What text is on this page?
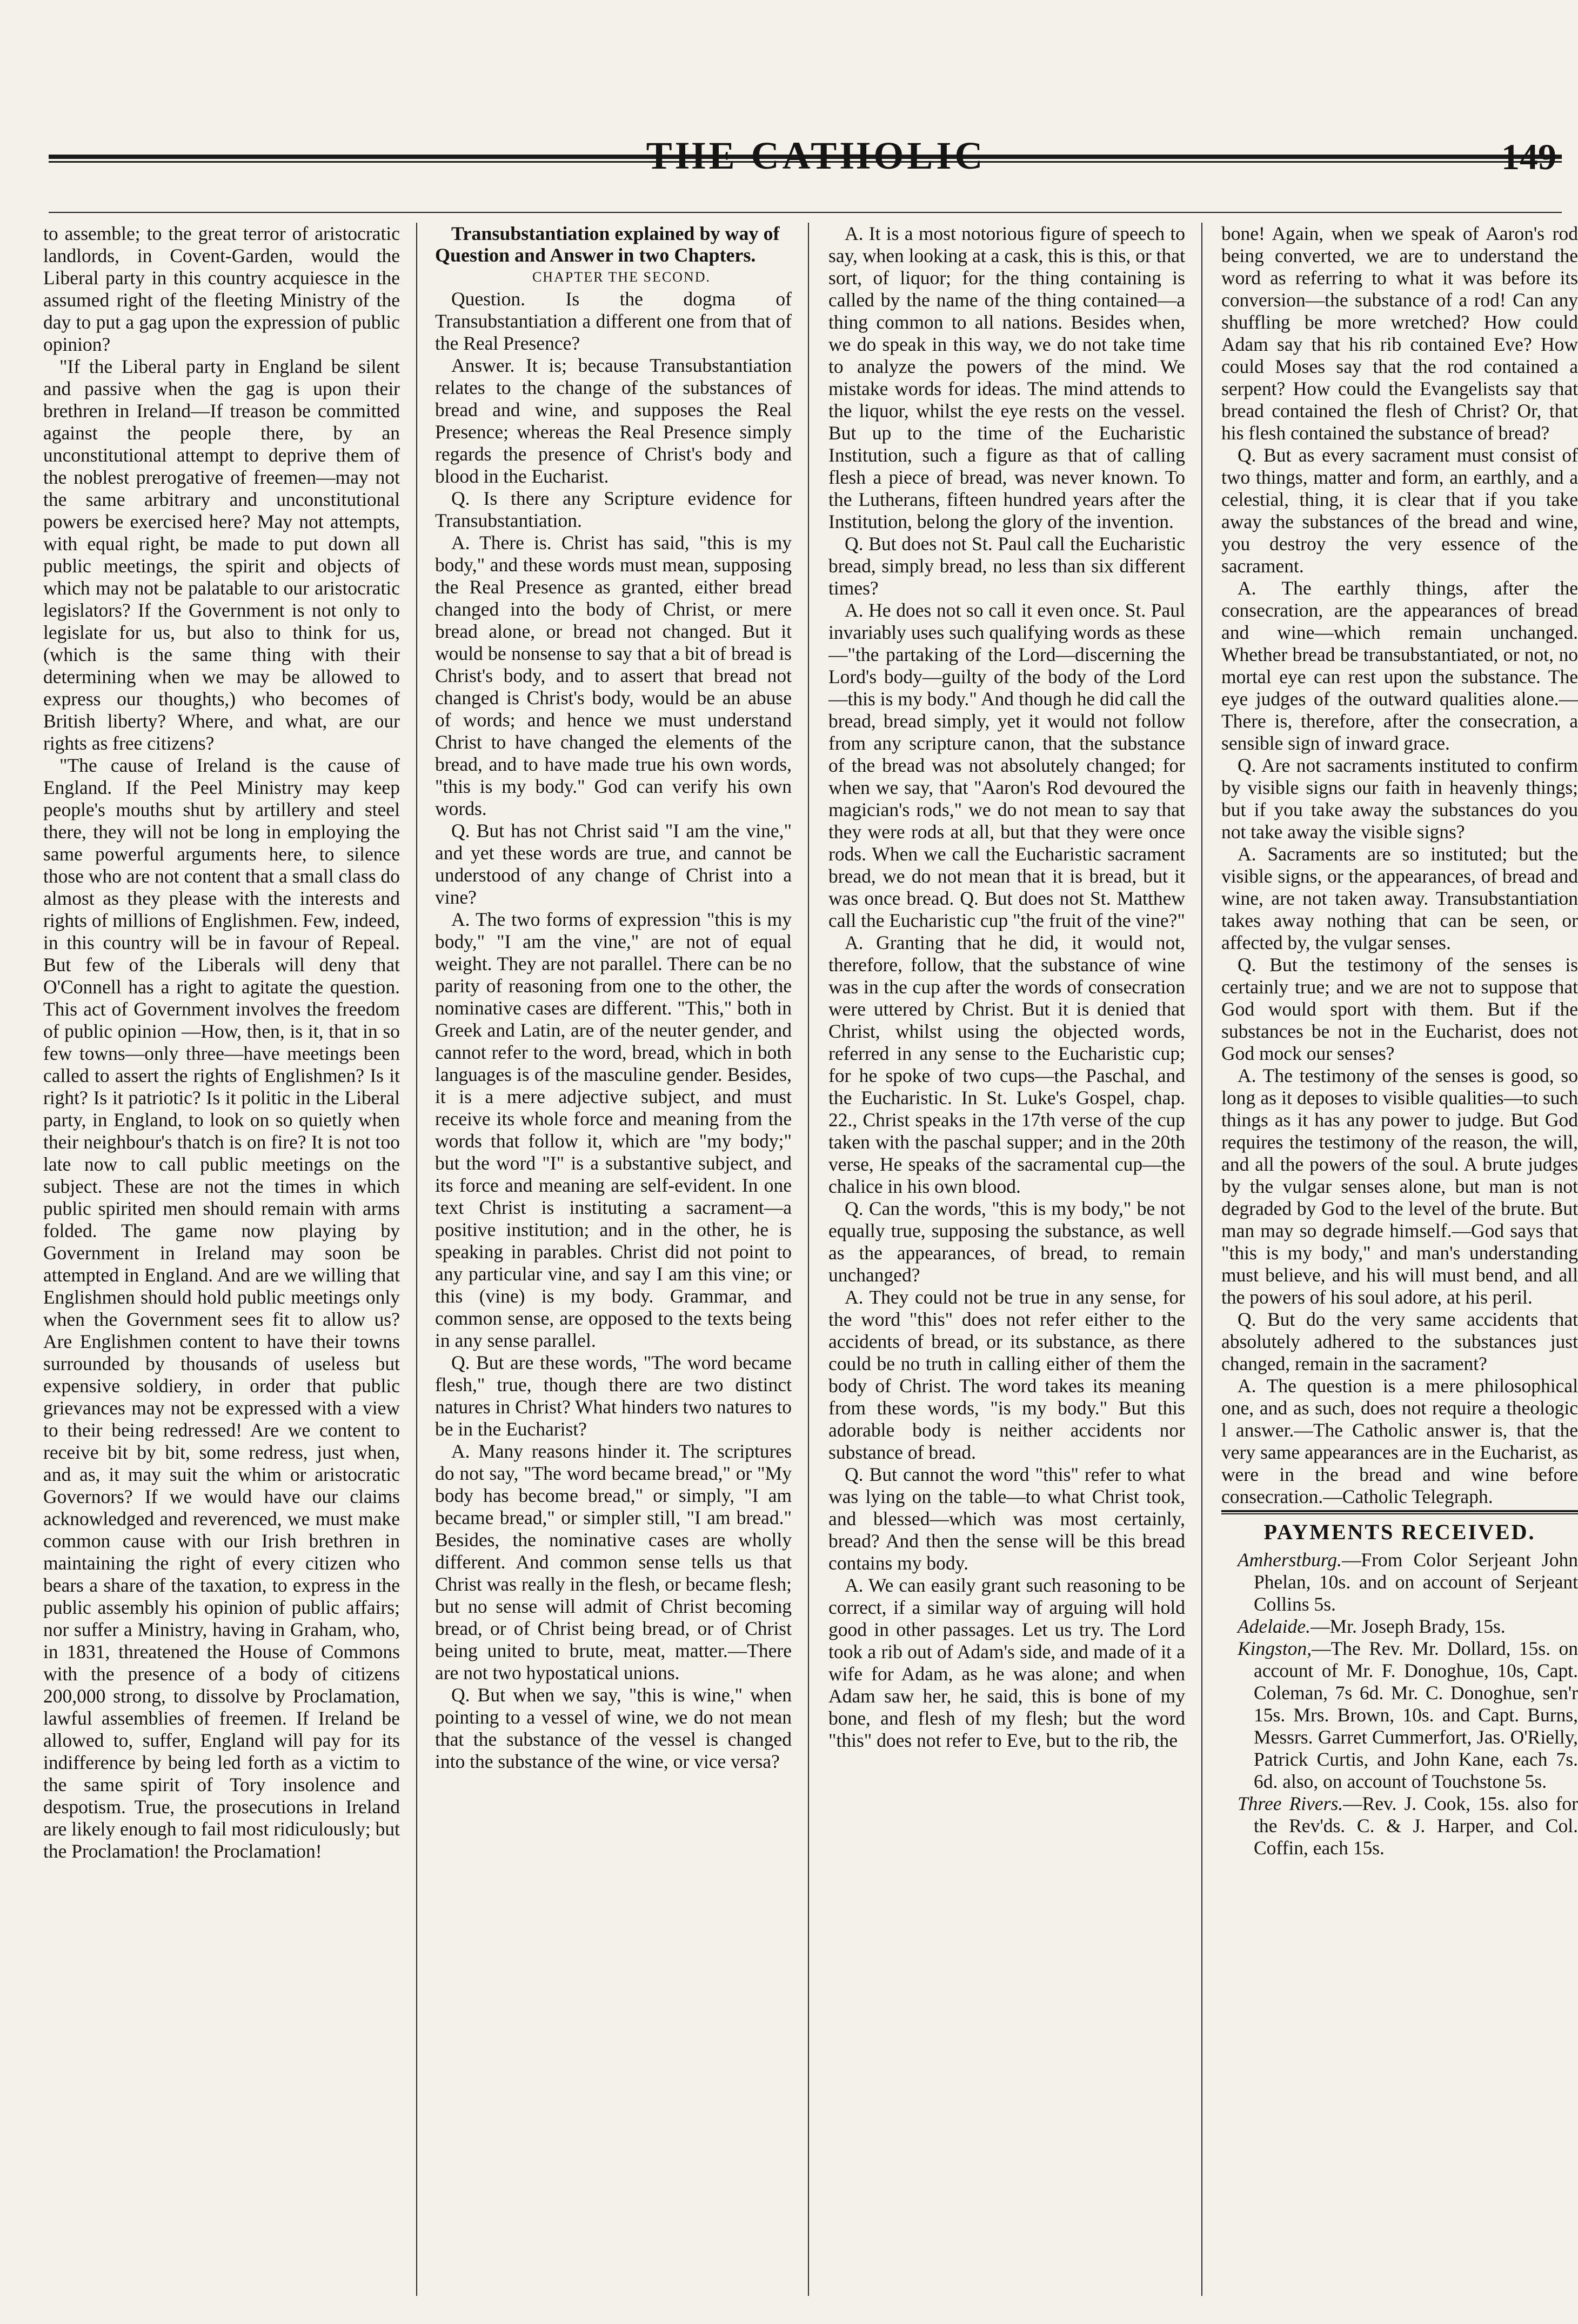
THE CATHOLIC	149

to assemble; to the great terror of aristocratic landlords, in Covent-Garden, would the Liberal party in this country acquiesce in the assumed right of the fleeting Ministry of the day to put a gag upon the expression of public opinion?

"If the Liberal party in England be silent and passive when the gag is upon their brethren in Ireland—If treason be committed against the people there, by an unconstitutional attempt to deprive them of the noblest prerogative of freemen—may not the same arbitrary and unconstitutional powers be exercised here? May not attempts, with equal right, be made to put down all public meetings, the spirit and objects of which may not be palatable to our aristocratic legislators? If the Government is not only to legislate for us, but also to think for us, (which is the same thing with their determining when we may be allowed to express our thoughts,) who becomes of British liberty? Where, and what, are our rights as free citizens?

"The cause of Ireland is the cause of England. If the Peel Ministry may keep people's mouths shut by artillery and steel there, they will not be long in employing the same powerful arguments here, to silence those who are not content that a small class do almost as they please with the interests and rights of millions of Englishmen. Few, indeed, in this country will be in favour of Repeal. But few of the Liberals will deny that O'Connell has a right to agitate the question. This act of Government involves the freedom of public opinion —How, then, is it, that in so few towns—only three—have meetings been called to assert the rights of Englishmen? Is it right? Is it patriotic? Is it politic in the Liberal party, in England, to look on so quietly when their neighbour's thatch is on fire? It is not too late now to call public meetings on the subject. These are not the times in which public spirited men should remain with arms folded. The game now playing by Government in Ireland may soon be attempted in England. And are we willing that Englishmen should hold public meetings only when the Government sees fit to allow us? Are Englishmen content to have their towns surrounded by thousands of useless but expensive soldiery, in order that public grievances may not be expressed with a view to their being redressed! Are we content to receive bit by bit, some redress, just when, and as, it may suit the whim or aristocratic Governors? If we would have our claims acknowledged and reverenced, we must make common cause with our Irish brethren in maintaining the right of every citizen who bears a share of the taxation, to express in the public assembly his opinion of public affairs; nor suffer a Ministry, having in Graham, who, in 1831, threatened the House of Commons with the presence of a body of citizens 200,000 strong, to dissolve by Proclamation, lawful assemblies of freemen. If Ireland be allowed to, suffer, England will pay for its indifference by being led forth as a victim to the same spirit of Tory insolence and despotism. True, the prosecutions in Ireland are likely enough to fail most ridiculously; but the Proclamation! the Proclamation!

Transubstantiation explained by way of Question and Answer in two Chapters.

CHAPTER THE SECOND.

Question. Is the dogma of Transubstantiation a different one from that of the Real Presence?

Answer. It is; because Transubstantiation relates to the change of the substances of bread and wine, and supposes the Real Presence; whereas the Real Presence simply regards the presence of Christ's body and blood in the Eucharist.

Q. Is there any Scripture evidence for Transubstantiation.

A. There is. Christ has said, "this is my body," and these words must mean, supposing the Real Presence as granted, either bread changed into the body of Christ, or mere bread alone, or bread not changed. But it would be nonsense to say that a bit of bread is Christ's body, and to assert that bread not changed is Christ's body, would be an abuse of words; and hence we must understand Christ to have changed the elements of the bread, and to have made true his own words, "this is my body." God can verify his own words.

Q. But has not Christ said "I am the vine," and yet these words are true, and cannot be understood of any change of Christ into a vine?

A. The two forms of expression "this is my body," "I am the vine," are not of equal weight. They are not parallel. There can be no parity of reasoning from one to the other, the nominative cases are different. "This," both in Greek and Latin, are of the neuter gender, and cannot refer to the word, bread, which in both languages is of the masculine gender. Besides, it is a mere adjective subject, and must receive its whole force and meaning from the words that follow it, which are "my body;" but the word "I" is a substantive subject, and its force and meaning are self-evident. In one text Christ is instituting a sacrament—a positive institution; and in the other, he is speaking in parables. Christ did not point to any particular vine, and say I am this vine; or this (vine) is my body. Grammar, and common sense, are opposed to the texts being in any sense parallel.

Q. But are these words, "The word became flesh," true, though there are two distinct natures in Christ? What hinders two natures to be in the Eucharist?

A. Many reasons hinder it. The scriptures do not say, "The word became bread," or "My body has become bread," or simply, "I am became bread," or simpler still, "I am bread." Besides, the nominative cases are wholly different. And common sense tells us that Christ was really in the flesh, or became flesh; but no sense will admit of Christ becoming bread, or of Christ being bread, or of Christ being united to brute, meat, matter.—There are not two hypostatical unions.

Q. But when we say, "this is wine," when pointing to a vessel of wine, we do not mean that the substance of the vessel is changed into the substance of the wine, or vice versa?

A. It is a most notorious figure of speech to say, when looking at a cask, this is this, or that sort, of liquor; for the thing containing is called by the name of the thing contained—a thing common to all nations. Besides when, we do speak in this way, we do not take time to analyze the powers of the mind. We mistake words for ideas. The mind attends to the liquor, whilst the eye rests on the vessel. But up to the time of the Eucharistic Institution, such a figure as that of calling flesh a piece of bread, was never known. To the Lutherans, fifteen hundred years after the Institution, belong the glory of the invention.

Q. But does not St. Paul call the Eucharistic bread, simply bread, no less than six different times?

A. He does not so call it even once. St. Paul invariably uses such qualifying words as these—"the partaking of the Lord—discerning the Lord's body—guilty of the body of the Lord—this is my body." And though he did call the bread, bread simply, yet it would not follow from any scripture canon, that the substance of the bread was not absolutely changed; for when we say, that "Aaron's Rod devoured the magician's rods," we do not mean to say that they were rods at all, but that they were once rods. When we call the Eucharistic sacrament bread, we do not mean that it is bread, but it was once bread. Q. But does not St. Matthew call the Eucharistic cup "the fruit of the vine?"

A. Granting that he did, it would not, therefore, follow, that the substance of wine was in the cup after the words of consecration were uttered by Christ. But it is denied that Christ, whilst using the objected words, referred in any sense to the Eucharistic cup; for he spoke of two cups—the Paschal, and the Eucharistic. In St. Luke's Gospel, chap. 22., Christ speaks in the 17th verse of the cup taken with the paschal supper; and in the 20th verse, He speaks of the sacramental cup—the chalice in his own blood.

Q. Can the words, "this is my body," be not equally true, supposing the substance, as well as the appearances, of bread, to remain unchanged?

A. They could not be true in any sense, for the word "this" does not refer either to the accidents of bread, or its substance, as there could be no truth in calling either of them the body of Christ. The word takes its meaning from these words, "is my body." But this adorable body is neither accidents nor substance of bread.

Q. But cannot the word "this" refer to what was lying on the table—to what Christ took, and blessed—which was most certainly, bread? And then the sense will be this bread contains my body.

A. We can easily grant such reasoning to be correct, if a similar way of arguing will hold good in other passages. Let us try. The Lord took a rib out of Adam's side, and made of it a wife for Adam, as he was alone; and when Adam saw her, he said, this is bone of my bone, and flesh of my flesh; but the word "this" does not refer to Eve, but to the rib, the

bone! Again, when we speak of Aaron's rod being converted, we are to understand the word as referring to what it was before its conversion—the substance of a rod! Can any shuffling be more wretched? How could Adam say that his rib contained Eve? How could Moses say that the rod contained a serpent? How could the Evangelists say that bread contained the flesh of Christ? Or, that his flesh contained the substance of bread?

Q. But as every sacrament must consist of two things, matter and form, an earthly, and a celestial, thing, it is clear that if you take away the substances of the bread and wine, you destroy the very essence of the sacrament.

A. The earthly things, after the consecration, are the appearances of bread and wine—which remain unchanged. Whether bread be transubstantiated, or not, no mortal eye can rest upon the substance. The eye judges of the outward qualities alone.—There is, therefore, after the consecration, a sensible sign of inward grace.

Q. Are not sacraments instituted to confirm by visible signs our faith in heavenly things; but if you take away the substances do you not take away the visible signs?

A. Sacraments are so instituted; but the visible signs, or the appearances, of bread and wine, are not taken away. Transubstantiation takes away nothing that can be seen, or affected by, the vulgar senses.

Q. But the testimony of the senses is certainly true; and we are not to suppose that God would sport with them. But if the substances be not in the Eucharist, does not God mock our senses?

A. The testimony of the senses is good, so long as it deposes to visible qualities—to such things as it has any power to judge. But God requires the testimony of the reason, the will, and all the powers of the soul. A brute judges by the vulgar senses alone, but man is not degraded by God to the level of the brute. But man may so degrade himself.—God says that "this is my body," and man's understanding must believe, and his will must bend, and all the powers of his soul adore, at his peril.

Q. But do the very same accidents that absolutely adhered to the substances just changed, remain in the sacrament?

A. The question is a mere philosophical one, and as such, does not require a theologic l answer.—The Catholic answer is, that the very same appearances are in the Eucharist, as were in the bread and wine before consecration.—Catholic Telegraph.

PAYMENTS RECEIVED.

Amherstburg.—From Color Serjeant John Phelan, 10s. and on account of Serjeant Collins 5s.

Adelaide.—Mr. Joseph Brady, 15s.

Kingston,—The Rev. Mr. Dollard, 15s. on account of Mr. F. Donoghue, 10s, Capt. Coleman, 7s 6d. Mr. C. Donoghue, sen'r 15s. Mrs. Brown, 10s. and Capt. Burns, Messrs. Garret Cummerfort, Jas. O'Rielly, Patrick Curtis, and John Kane, each 7s. 6d. also, on account of Touchstone 5s.

Three Rivers.—Rev. J. Cook, 15s. also for the Rev'ds. C. & J. Harper, and Col. Coffin, each 15s.
